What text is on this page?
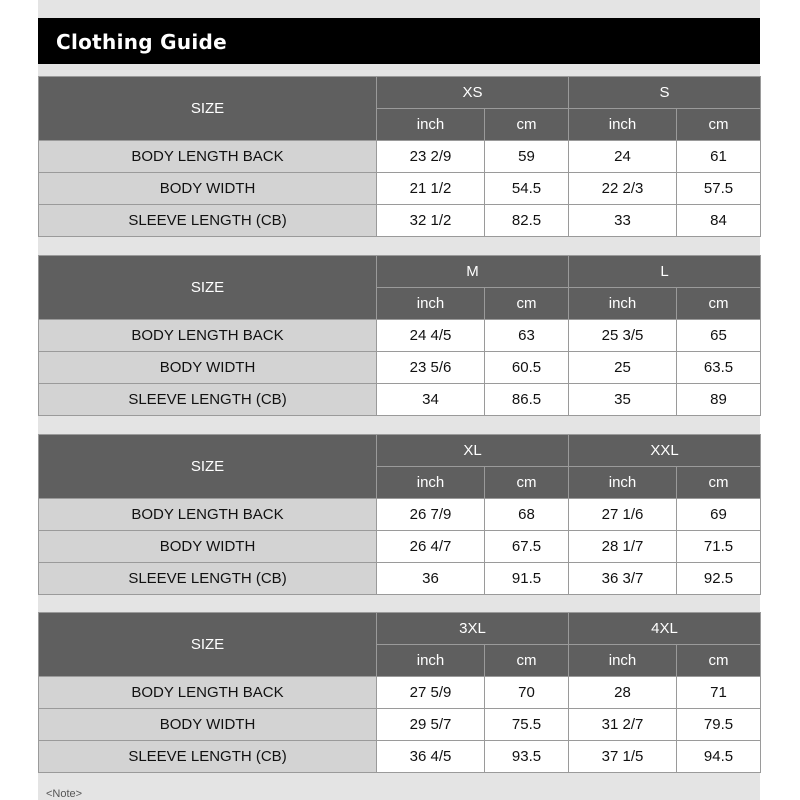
Clothing Guide
SIZE	XS		S	
	inch	cm	inch	cm
BODY LENGTH BACK	23 2/9	59	24	61
BODY WIDTH	21 1/2	54.5	22 2/3	57.5
SLEEVE LENGTH (CB)	32 1/2	82.5	33	84
SIZE	M		L	
	inch	cm	inch	cm
BODY LENGTH BACK	24 4/5	63	25 3/5	65
BODY WIDTH	23 5/6	60.5	25	63.5
SLEEVE LENGTH (CB)	34	86.5	35	89
SIZE	XL		XXL	
	inch	cm	inch	cm
BODY LENGTH BACK	26 7/9	68	27 1/6	69
BODY WIDTH	26 4/7	67.5	28 1/7	71.5
SLEEVE LENGTH (CB)	36	91.5	36 3/7	92.5
SIZE	3XL		4XL	
	inch	cm	inch	cm
BODY LENGTH BACK	27 5/9	70	28	71
BODY WIDTH	29 5/7	75.5	31 2/7	79.5
SLEEVE LENGTH (CB)	36 4/5	93.5	37 1/5	94.5
<Note>
